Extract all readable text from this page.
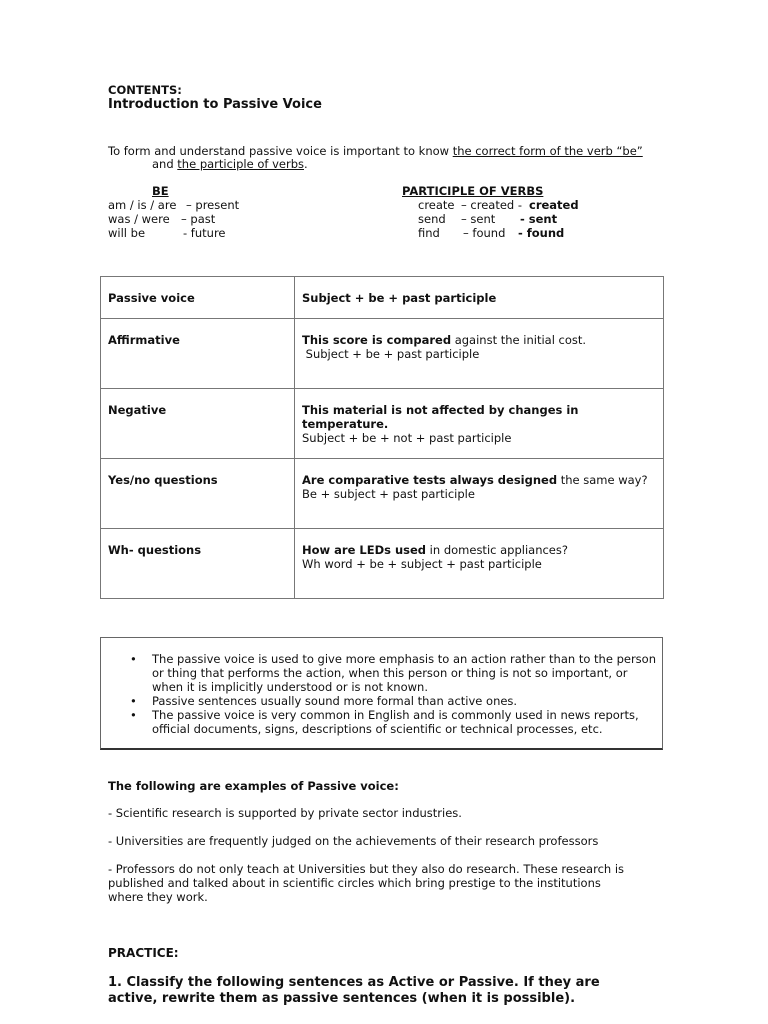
CONTENTS:
Introduction to Passive Voice
To form and understand passive voice is important to know the correct form of the verb “be”
and the participle of verbs.
BE
am / is / are – present
was / were – past
will be	- future
PARTICIPLE OF VERBS
create – created - created
send – sent - sent
find – found - found
Passive voice	Subject + be + past participle
Affirmative	This score is compared against the initial cost.
Subject + be + past participle
Negative	This material is not affected by changes in temperature.
Subject + be + not + past participle
Yes/no questions	Are comparative tests always designed the same way?
Be + subject + past participle
Wh- questions	How are LEDs used in domestic appliances?
Wh word + be + subject + past participle
• The passive voice is used to give more emphasis to an action rather than to the person or thing that performs the action, when this person or thing is not so important, or when it is implicitly understood or is not known.
• Passive sentences usually sound more formal than active ones.
• The passive voice is very common in English and is commonly used in news reports, official documents, signs, descriptions of scientific or technical processes, etc.
The following are examples of Passive voice:
- Scientific research is supported by private sector industries.
- Universities are frequently judged on the achievements of their research professors
- Professors do not only teach at Universities but they also do research. These research is published and talked about in scientific circles which bring prestige to the institutions where they work.
PRACTICE:
1. Classify the following sentences as Active or Passive. If they are active, rewrite them as passive sentences (when it is possible).
